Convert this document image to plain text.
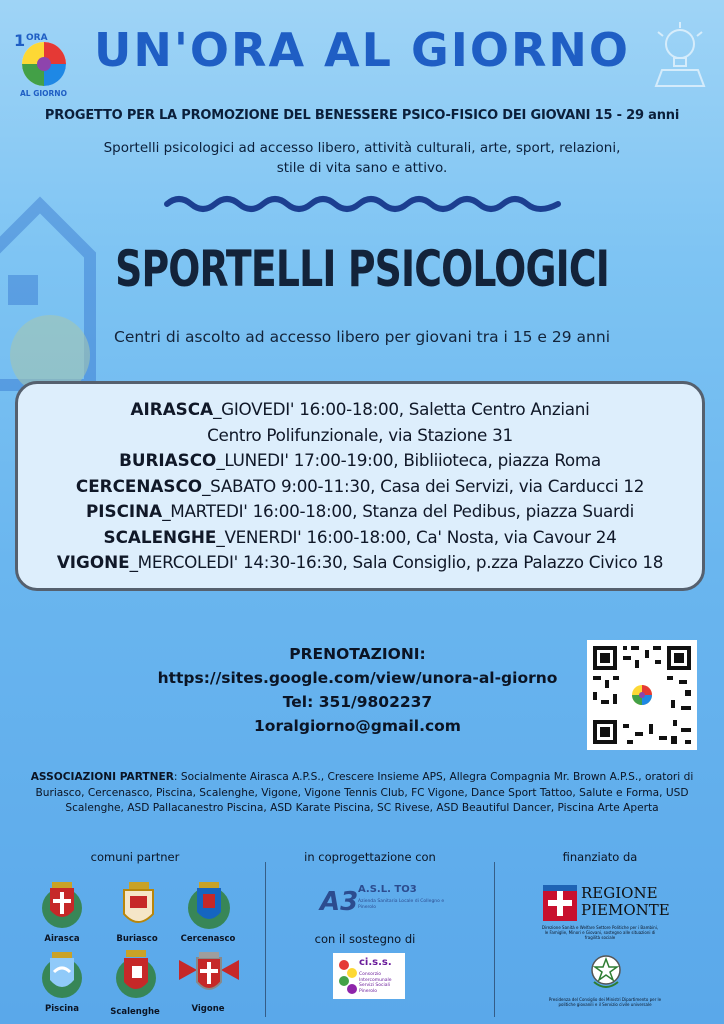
1 ORA
AL GIORNO
UN'ORA AL GIORNO
PROGETTO PER LA PROMOZIONE DEL BENESSERE PSICO-FISICO DEI GIOVANI 15 - 29 anni
Sportelli psicologici ad accesso libero, attività culturali, arte, sport, relazioni, stile di vita sano e attivo.
SPORTELLI PSICOLOGICI
Centri di ascolto ad accesso libero per giovani tra i 15 e 29 anni
AIRASCA_GIOVEDI' 16:00-18:00, Saletta Centro Anziani
Centro Polifunzionale, via Stazione 31
BURIASCO_LUNEDI' 17:00-19:00, Bibliioteca, piazza Roma
CERCENASCO_SABATO 9:00-11:30, Casa dei Servizi, via Carducci 12
PISCINA_MARTEDI' 16:00-18:00, Stanza del Pedibus, piazza Suardi
SCALENGHE_VENERDI' 16:00-18:00, Ca' Nosta, via Cavour 24
VIGONE_MERCOLEDI' 14:30-16:30, Sala Consiglio, p.zza Palazzo Civico 18
PRENOTAZIONI:
https://sites.google.com/view/unora-al-giorno
Tel: 351/9802237
1oralgiorno@gmail.com
ASSOCIAZIONI PARTNER: Socialmente Airasca A.P.S., Crescere Insieme APS, Allegra Compagnia Mr. Brown A.P.S., oratori di Buriasco, Cercenasco, Piscina, Scalenghe, Vigone, Vigone Tennis Club, FC Vigone, Dance Sport Tattoo, Salute e Forma, USD Scalenghe, ASD Pallacanestro Piscina, ASD Karate Piscina, SC Rivese, ASD Beautiful Dancer, Piscina Arte Aperta
comuni partner	in coprogettazione con	finanziato da
con il sostegno di
Airasca	Buriasco	Cercenasco
Piscina	Scalenghe	Vigone
A3 A.S.L. TO3
Azienda Sanitaria Locale di Collegno e Pinerolo
ci.s.s.
Consorzio Intercomunale Servizi Sociali Pinerolo
REGIONE
PIEMONTE
Direzione Sanità e Welfare Settore Politiche per i Bambini, le Famiglie, Minori e Giovani, sostegno alle situazioni di fragilità sociale
Presidenza del Consiglio dei Ministri Dipartimento per le politiche giovanili e il Servizio civile universale
